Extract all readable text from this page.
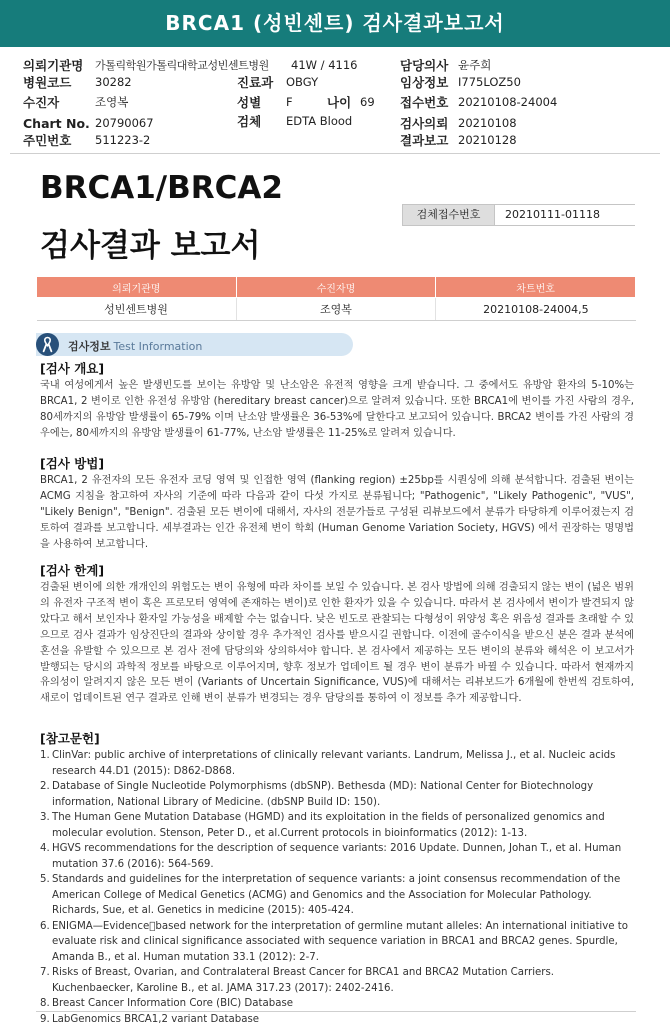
BRCA1 (성빈센트) 검사결과보고서
의뢰기관명 가톨릭학원가톨릭대학교성빈센트병원 41W / 4116
병원코드 30282
수진자	조영복
Chart No. 20790067
주민번호 511223-2
진료과 OBGY
성별 F	나이 69
검체 EDTA Blood
담당의사 윤주희
임상정보 I775LOZ50
접수번호 20210108-24004
검사의뢰 20210108
결과보고 20210128
BRCA1/BRCA2
검사결과 보고서
검체접수번호	20210111-01118
의뢰기관명	수진자명	차트번호
성빈센트병원	조영복	20210108-24004,5
검사정보 Test Information
[검사 개요]

국내 여성에게서 높은 발생빈도를 보이는 유방암 및 난소암은 유전적 영향을 크게 받습니다. 그 중에서도 유방암 환자의 5-10%는 BRCA1, 2 변이로 인한 유전성 유방암 (hereditary breast cancer)으로 알려져 있습니다. 또한 BRCA1에 변이를 가진 사람의 경우, 80세까지의 유방암 발생률이 65-79% 이며 난소암 발생률은 36-53%에 달한다고 보고되어 있습니다. BRCA2 변이를 가진 사람의 경우에는, 80세까지의 유방암 발생률이 61-77%, 난소암 발생률은 11-25%로 알려져 있습니다.

[검사 방법]

BRCA1, 2 유전자의 모든 유전자 코딩 영역 및 인접한 영역 (flanking region) ±25bp를 시퀀싱에 의해 분석합니다. 검출된 변이는 ACMG 지침을 참고하여 자사의 기준에 따라 다음과 같이 다섯 가지로 분류됩니다; "Pathogenic", "Likely Pathogenic", "VUS", "Likely Benign", "Benign". 검출된 모든 변이에 대해서, 자사의 전문가들로 구성된 리뷰보드에서 분류가 타당하게 이루어졌는지 검토하여 결과를 보고합니다. 세부결과는 인간 유전체 변이 학회 (Human Genome Variation Society, HGVS) 에서 권장하는 명명법을 사용하여 보고합니다.

[검사 한계]

검출된 변이에 의한 개개인의 위험도는 변이 유형에 따라 차이를 보일 수 있습니다. 본 검사 방법에 의해 검출되지 않는 변이 (넓은 범위의 유전자 구조적 변이 혹은 프로모터 영역에 존재하는 변이)로 인한 환자가 있을 수 있습니다. 따라서 본 검사에서 변이가 발견되지 않았다고 해서 보인자나 환자일 가능성을 배제할 수는 없습니다. 낮은 빈도로 관찰되는 다형성이 위양성 혹은 위음성 결과를 초래할 수 있으므로 검사 결과가 임상진단의 결과와 상이할 경우 추가적인 검사를 받으시길 권합니다. 이전에 골수이식을 받으신 분은 결과 분석에 혼선을 유발할 수 있으므로 본 검사 전에 담당의와 상의하셔야 합니다. 본 검사에서 제공하는 모든 변이의 분류와 해석은 이 보고서가 발행되는 당시의 과학적 정보를 바탕으로 이루어지며, 향후 정보가 업데이트 될 경우 변이 분류가 바뀔 수 있습니다. 따라서 현재까지 유의성이 알려지지 않은 모든 변이 (Variants of Uncertain Significance, VUS)에 대해서는 리뷰보드가 6개월에 한번씩 검토하여, 새로이 업데이트된 연구 결과로 인해 변이 분류가 변경되는 경우 담당의를 통하여 이 정보를 추가 제공합니다.

[참고문헌]
1. ClinVar: public archive of interpretations of clinically relevant variants. Landrum, Melissa J., et al. Nucleic acids research 44.D1 (2015): D862-D868.
2. Database of Single Nucleotide Polymorphisms (dbSNP). Bethesda (MD): National Center for Biotechnology information, National Library of Medicine. (dbSNP Build ID: 150).
3. The Human Gene Mutation Database (HGMD) and its exploitation in the fields of personalized genomics and molecular evolution. Stenson, Peter D., et al.Current protocols in bioinformatics (2012): 1-13.
4. HGVS recommendations for the description of sequence variants: 2016 Update. Dunnen, Johan T., et al. Human mutation 37.6 (2016): 564-569.
5. Standards and guidelines for the interpretation of sequence variants: a joint consensus recommendation of the American College of Medical Genetics (ACMG) and Genomics and the Association for Molecular Pathology. Richards, Sue, et al. Genetics in medicine (2015): 405-424.
6. ENIGMA—Evidence􏰀based network for the interpretation of germline mutant alleles: An international initiative to evaluate risk and clinical significance associated with sequence variation in BRCA1 and BRCA2 genes. Spurdle, Amanda B., et al. Human mutation 33.1 (2012): 2-7.
7. Risks of Breast, Ovarian, and Contralateral Breast Cancer for BRCA1 and BRCA2 Mutation Carriers. Kuchenbaecker, Karoline B., et al. JAMA 317.23 (2017): 2402-2416.
8. Breast Cancer Information Core (BIC) Database
9. LabGenomics BRCA1,2 variant Database
